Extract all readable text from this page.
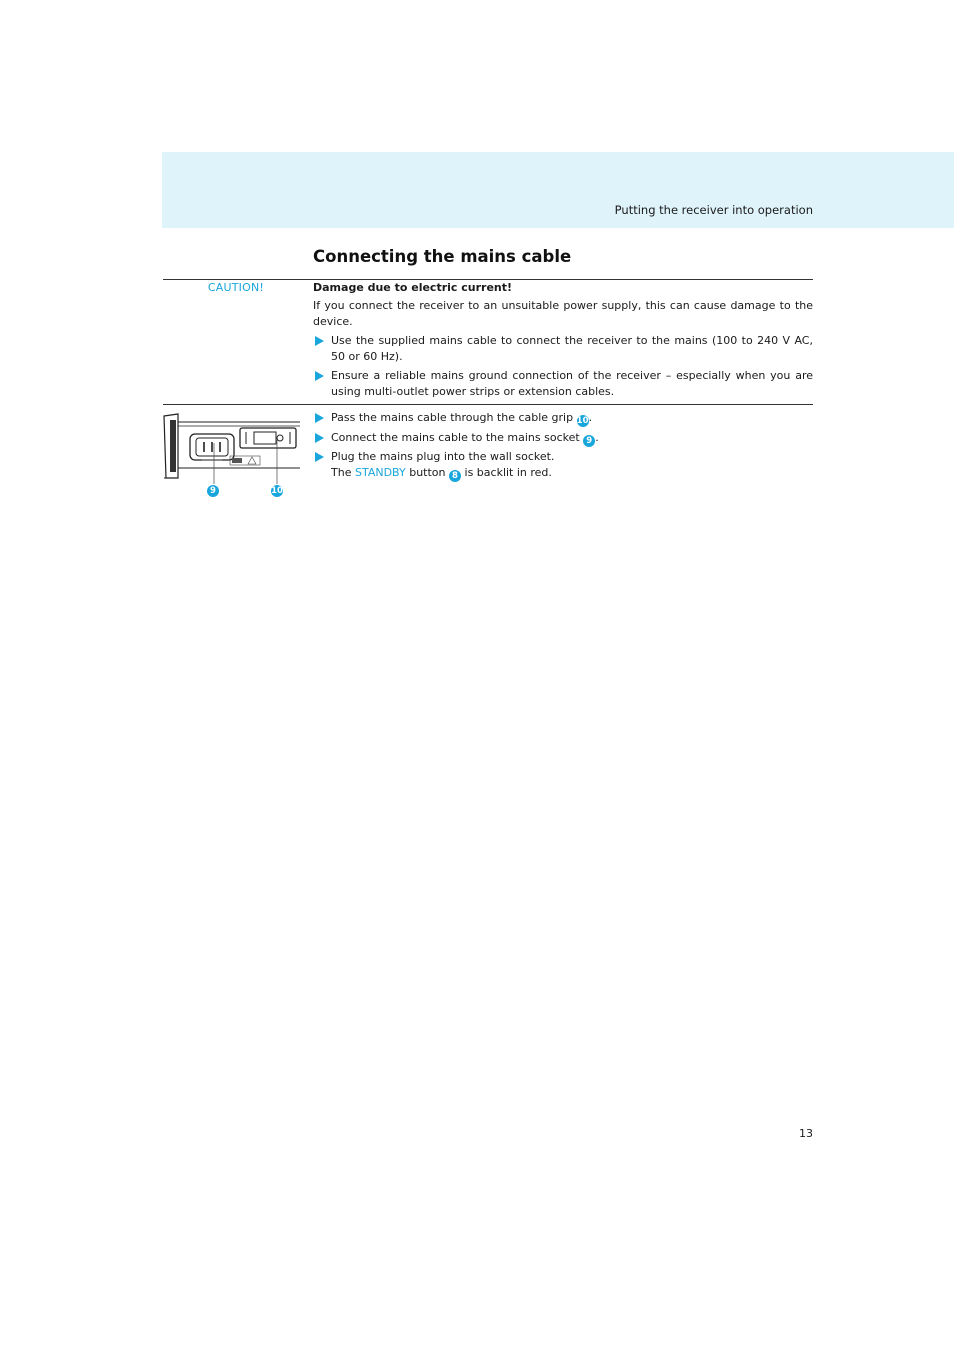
Putting the receiver into operation
Connecting the mains cable
CAUTION!	Damage due to electric current!
If you connect the receiver to an unsuitable power supply, this can cause damage to the device.
Use the supplied mains cable to connect the receiver to the mains (100 to 240 V AC, 50 or 60 Hz).
Ensure a reliable mains ground connection of the receiver – especially when you are using multi-outlet power strips or extension cables.
Pass the mains cable through the cable grip 10.
Connect the mains cable to the mains socket 9 .
Plug the mains plug into the wall socket.
The STANDBY button 8 is backlit in red.
9	10
13
